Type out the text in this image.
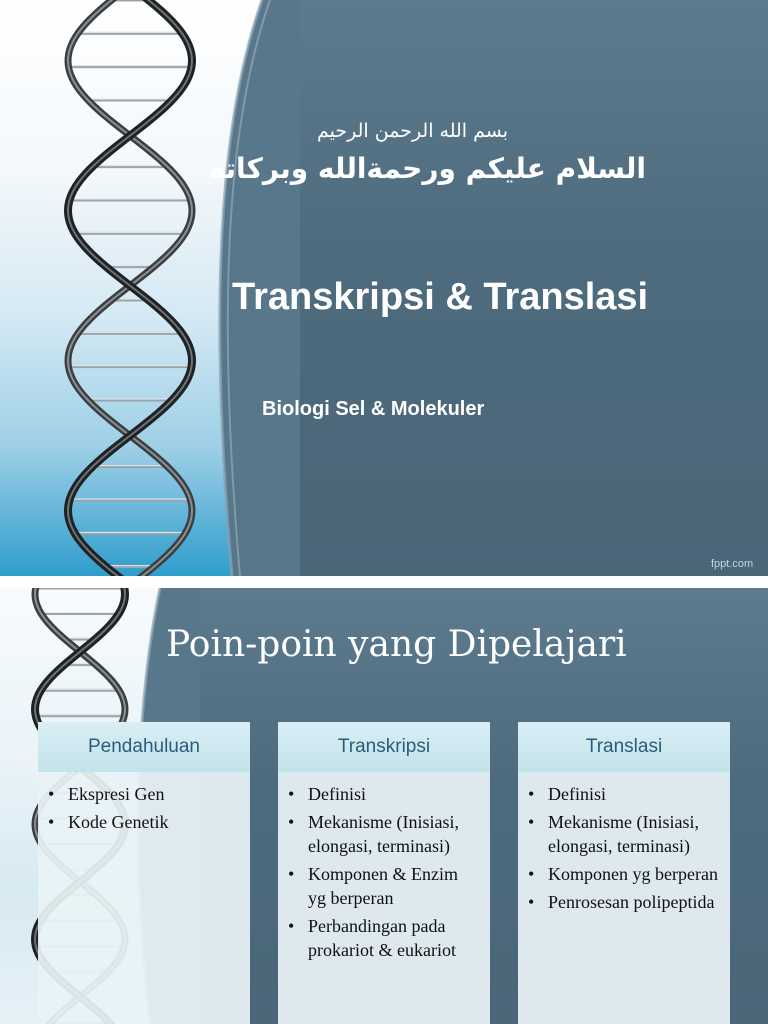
بسم الله الرحمن الرحيم
السلام عليكم ورحمةالله وبركاته
Transkripsi & Translasi
Biologi Sel & Molekuler
fppt.com
Poin-poin yang Dipelajari
Pendahuluan
• Ekspresi Gen
• Kode Genetik
Transkripsi
• Definisi
• Mekanisme (Inisiasi, elongasi, terminasi)
• Komponen & Enzim yg berperan
• Perbandingan pada prokariot & eukariot
Translasi
• Definisi
• Mekanisme (Inisiasi, elongasi, terminasi)
• Komponen yg berperan
• Penrosesan polipeptida
